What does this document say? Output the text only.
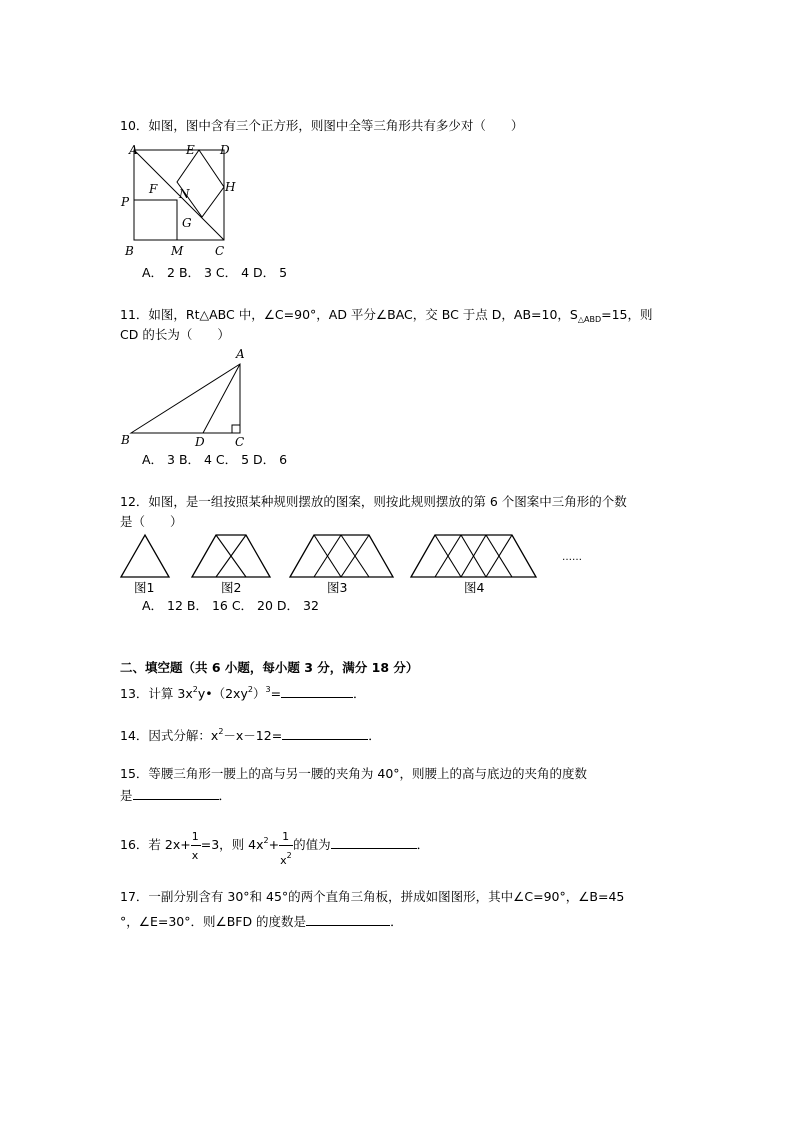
10．如图，图中含有三个正方形，则图中全等三角形共有多少对（　　）
A	E D
H
F N
P
G
B	M	C
A． 2 B． 3 C． 4 D． 5
11．如图，Rt△ABC 中，∠C=90°，AD 平分∠BAC，交 BC 于点 D，AB=10，$S_{\triangle ABD}=15$，则
CD 的长为（　　）
A
B	D	C
A． 3 B． 4 C． 5 D． 6
12．如图，是一组按照某种规则摆放的图案，则按此规则摆放的第 6 个图案中三角形的个数
是（　　）
图1	图2	图3	图4
……
A． 12 B． 16 C． 20 D． 32
二、填空题（共 6 小题，每小题 3 分，满分 18 分）
13．计算 $3x^2y•(2xy^2)^3=$	．
14．因式分解：$x^2-x-12=$	．
15．等腰三角形一腰上的高与另一腰的夹角为 40°，则腰上的高与底边的夹角的度数
是	．
16．若 $2x+ \frac{1}{x} =3$，则 $4x^2+ \frac{1}{x^2}$ 的值为	．
17．一副分别含有 30°和 45°的两个直角三角板，拼成如图图形，其中∠C=90°，∠B=45
°，∠E=30°．则∠BFD 的度数是	．
